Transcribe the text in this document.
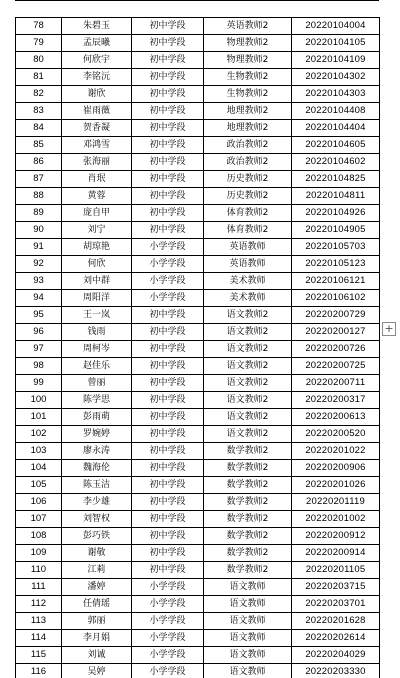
78	朱碧玉	初中学段	英语教师2	20220104004
79	孟辰曦	初中学段	物理教师2	20220104105
80	何欣宇	初中学段	物理教师2	20220104109
81	李铭沅	初中学段	生物教师2	20220104302
82	谢欣	初中学段	生物教师2	20220104303
83	崔雨薇	初中学段	地理教师2	20220104408
84	贺香凝	初中学段	地理教师2	20220104404
85	邓鸿雪	初中学段	政治教师2	20220104605
86	张海丽	初中学段	政治教师2	20220104602
87	肖珉	初中学段	历史教师2	20220104825
88	黄蓉	初中学段	历史教师2	20220104811
89	庞自甲	初中学段	体育教师2	20220104926
90	刘宁	初中学段	体育教师2	20220104905
91	胡琼艳	小学学段	英语教师	20220105703
92	何欣	小学学段	英语教师	20220105123
93	刘中群	小学学段	美术教师	20220106121
94	周阳洋	小学学段	美术教师	20220106102
95	王一岚	初中学段	语文教师2	20220200729
96	钱雨	初中学段	语文教师2	20220200127
97	周柯岑	初中学段	语文教师2	20220200726
98	赵佳乐	初中学段	语文教师2	20220200725
99	曾丽	初中学段	语文教师2	20220200711
100	陈学思	初中学段	语文教师2	20220200317
101	彭雨萌	初中学段	语文教师2	20220200613
102	罗婉婷	初中学段	语文教师2	20220200520
103	廖永涛	初中学段	数学教师2	20220201022
104	魏海伦	初中学段	数学教师2	20220200906
105	陈玉洁	初中学段	数学教师2	20220201026
106	李少雄	初中学段	数学教师2	20220201119
107	刘智权	初中学段	数学教师2	20220201002
108	彭巧铁	初中学段	数学教师2	20220200912
109	谢敬	初中学段	数学教师2	20220200914
110	江莉	初中学段	数学教师2	20220201105
111	潘婷	小学学段	语文教师	20220203715
112	任倩瑶	小学学段	语文教师	20220203701
113	郭丽	小学学段	语文教师	20220201628
114	李月娟	小学学段	语文教师	20220202614
115	刘诚	小学学段	语文教师	20220204029
116	吴婷	小学学段	语文教师	20220203330
+
